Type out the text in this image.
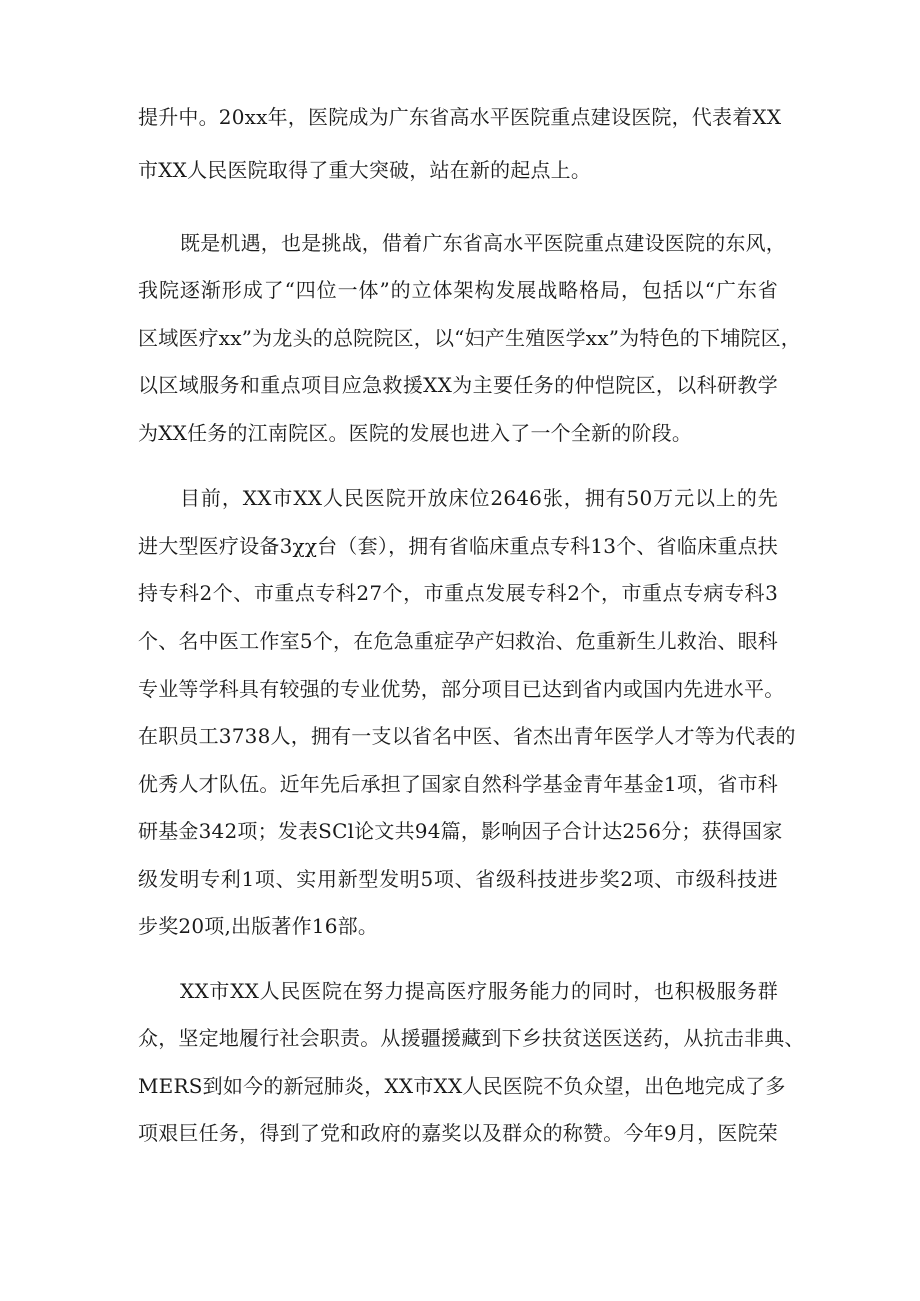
提升中。20xx年，医院成为广东省高水平医院重点建设医院，代表着XX
市XX人民医院取得了重大突破，站在新的起点上。
既是机遇，也是挑战，借着广东省高水平医院重点建设医院的东风，
我院逐渐形成了“四位一体”的立体架构发展战略格局，包括以“广东省
区域医疗xx”为龙头的总院院区，以“妇产生殖医学xx”为特色的下埔院区，
以区域服务和重点项目应急救援XX为主要任务的仲恺院区，以科研教学
为XX任务的江南院区。医院的发展也进入了一个全新的阶段。
目前，XX市XX人民医院开放床位2646张，拥有50万元以上的先
进大型医疗设备3χχ台（套），拥有省临床重点专科13个、省临床重点扶
持专科2个、市重点专科27个，市重点发展专科2个，市重点专病专科3
个、名中医工作室5个，在危急重症孕产妇救治、危重新生儿救治、眼科
专业等学科具有较强的专业优势，部分项目已达到省内或国内先进水平。
在职员工3738人，拥有一支以省名中医、省杰出青年医学人才等为代表的
优秀人才队伍。近年先后承担了国家自然科学基金青年基金1项，省市科
研基金342项；发表SCl论文共94篇，影响因子合计达256分；获得国家
级发明专利1项、实用新型发明5项、省级科技进步奖2项、市级科技进
步奖20项,出版著作16部。
XX市XX人民医院在努力提高医疗服务能力的同时，也积极服务群
众，坚定地履行社会职责。从援疆援藏到下乡扶贫送医送药，从抗击非典、
MERS到如今的新冠肺炎，XX市XX人民医院不负众望，出色地完成了多
项艰巨任务，得到了党和政府的嘉奖以及群众的称赞。今年9月，医院荣
